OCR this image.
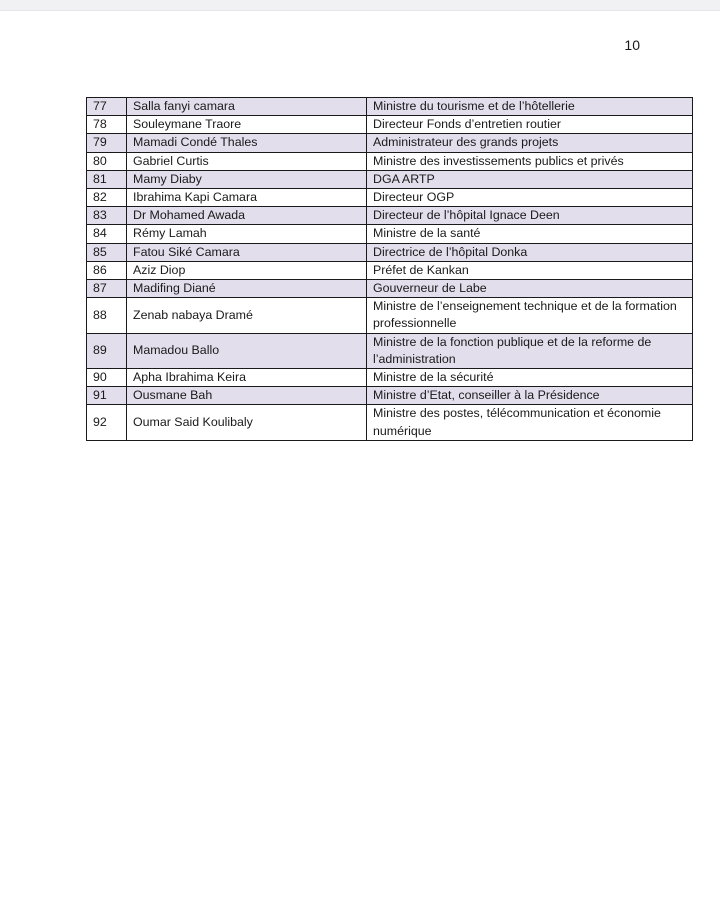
10
77	Salla fanyi camara	Ministre du tourisme et de l’hôtellerie
78	Souleymane Traore	Directeur Fonds d’entretien routier
79	Mamadi Condé Thales	Administrateur des grands projets
80	Gabriel Curtis	Ministre des investissements publics et privés
81	Mamy Diaby	DGA ARTP
82	Ibrahima Kapi Camara	Directeur OGP
83	Dr Mohamed Awada	Directeur de l’hôpital Ignace Deen
84	Rémy Lamah	Ministre de la santé
85	Fatou Siké Camara	Directrice de l’hôpital Donka
86	Aziz Diop	Préfet de Kankan
87	Madifing Diané	Gouverneur de Labe
88	Zenab nabaya Dramé	Ministre de l’enseignement technique et de la formation professionnelle
89	Mamadou Ballo	Ministre de la fonction publique et de la reforme de l’administration
90	Apha Ibrahima Keira	Ministre de la sécurité
91	Ousmane Bah	Ministre d’Etat, conseiller à la Présidence
92	Oumar Said Koulibaly	Ministre des postes, télécommunication et économie numérique
